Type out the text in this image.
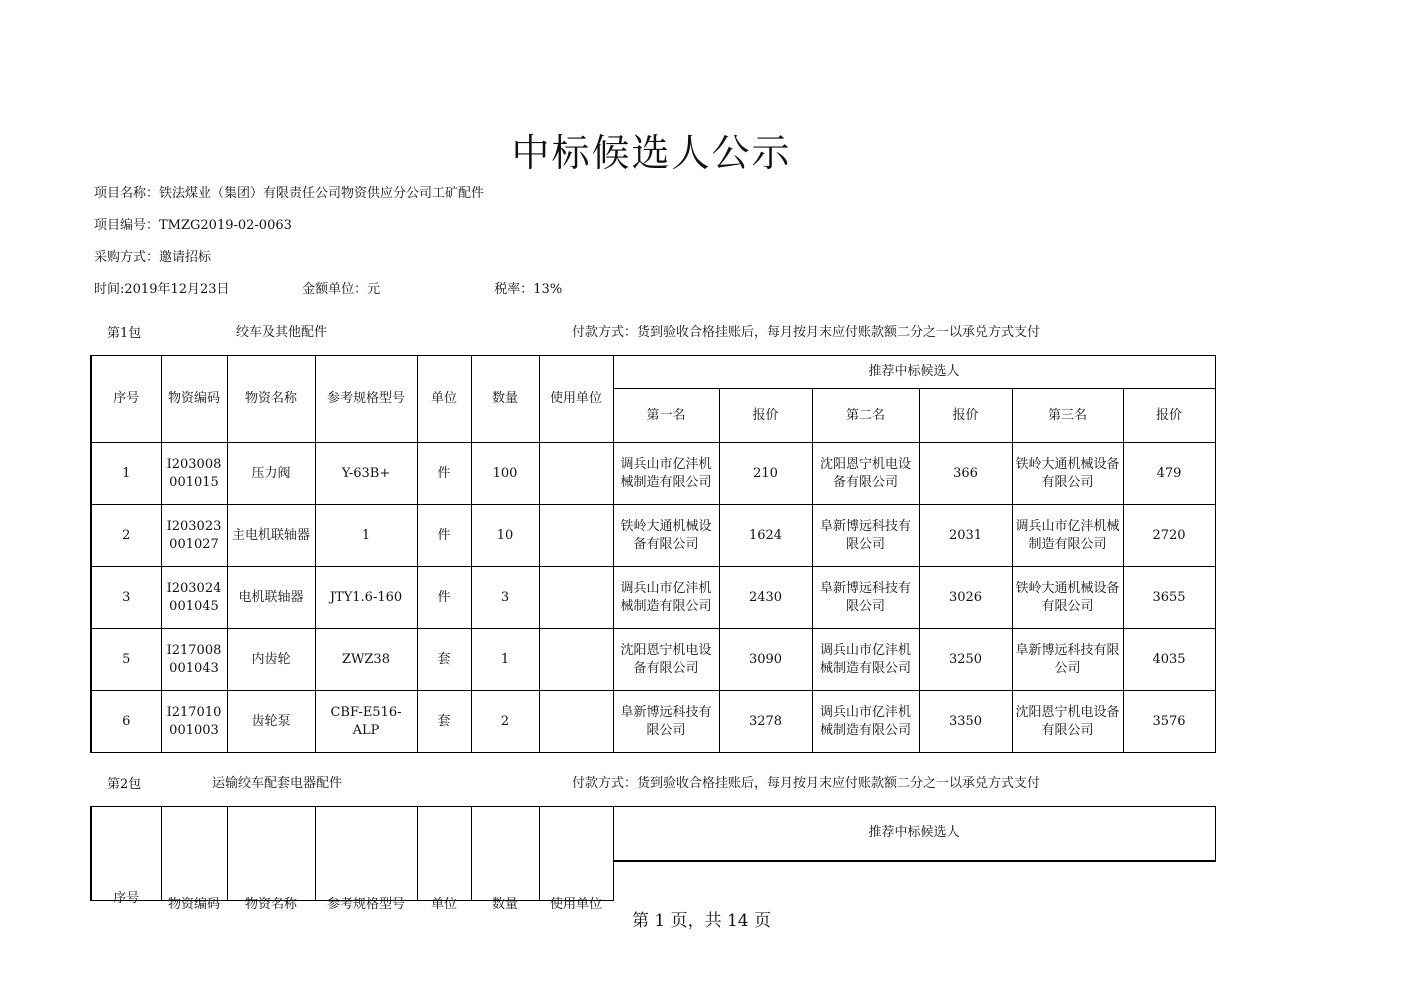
中标候选人公示
项目名称：铁法煤业（集团）有限责任公司物资供应分公司工矿配件
项目编号：TMZG2019-02-0063
采购方式：邀请招标
时间:2019年12月23日	金额单位：元	税率：13%
第1包	绞车及其他配件	付款方式：货到验收合格挂账后，每月按月末应付账款额二分之一以承兑方式支付
序号	物资编码	物资名称	参考规格型号	单位	数量	使用单位	推荐中标候选人					
							第一名	报价	第二名	报价	第三名	报价
1	I203008001015	压力阀	Y-63B+	件	100		调兵山市亿沣机械制造有限公司	210	沈阳恩宁机电设备有限公司	366	铁岭大通机械设备有限公司	479
2	I203023001027	主电机联轴器	1	件	10		铁岭大通机械设备有限公司	1624	阜新博远科技有限公司	2031	调兵山市亿沣机械制造有限公司	2720
3	I203024001045	电机联轴器	JTY1.6-160	件	3		调兵山市亿沣机械制造有限公司	2430	阜新博远科技有限公司	3026	铁岭大通机械设备有限公司	3655
5	I217008001043	内齿轮	ZWZ38	套	1		沈阳恩宁机电设备有限公司	3090	调兵山市亿沣机械制造有限公司	3250	阜新博远科技有限公司	4035
6	I217010001003	齿轮泵	CBF-E516-ALP	套	2		阜新博远科技有限公司	3278	调兵山市亿沣机械制造有限公司	3350	沈阳恩宁机电设备有限公司	3576
第2包	运输绞车配套电器配件	付款方式：货到验收合格挂账后，每月按月末应付账款额二分之一以承兑方式支付
序号	物资编码	物资名称	参考规格型号	单位	数量	使用单位	推荐中标候选人

第 1 页，共 14 页
